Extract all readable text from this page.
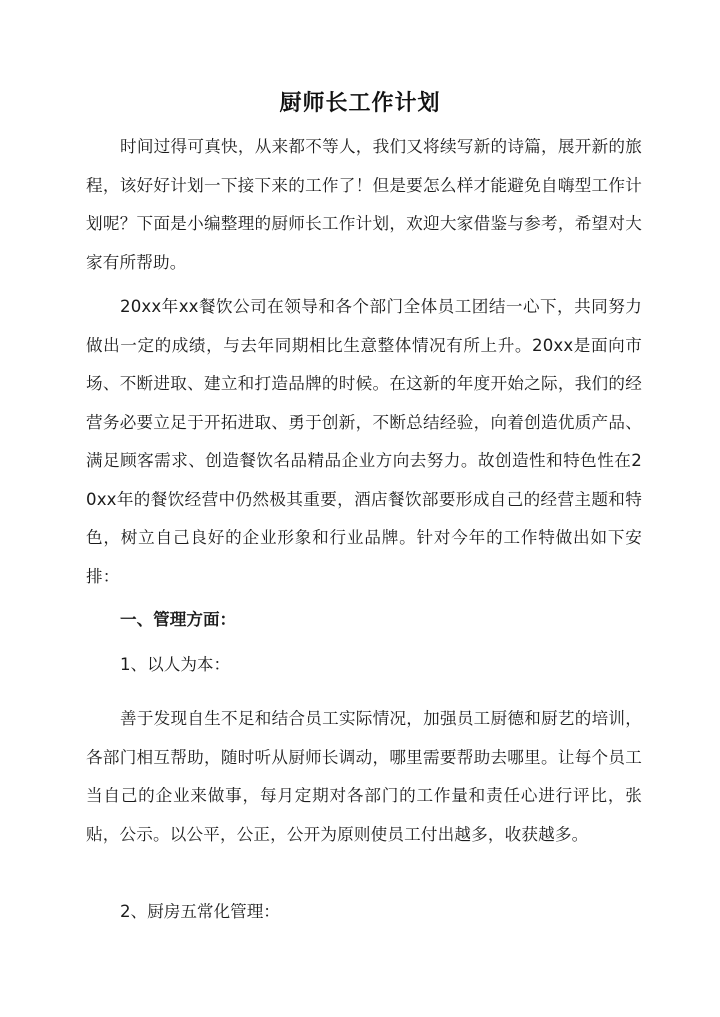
厨师长工作计划
时间过得可真快，从来都不等人，我们又将续写新的诗篇，展开新的旅程，该好好计划一下接下来的工作了！但是要怎么样才能避免自嗨型工作计划呢？下面是小编整理的厨师长工作计划，欢迎大家借鉴与参考，希望对大家有所帮助。
20xx年xx餐饮公司在领导和各个部门全体员工团结一心下，共同努力做出一定的成绩，与去年同期相比生意整体情况有所上升。20xx是面向市场、不断进取、建立和打造品牌的时候。在这新的年度开始之际，我们的经营务必要立足于开拓进取、勇于创新，不断总结经验，向着创造优质产品、满足顾客需求、创造餐饮名品精品企业方向去努力。故创造性和特色性在20xx年的餐饮经营中仍然极其重要，酒店餐饮部要形成自己的经营主题和特色，树立自己良好的企业形象和行业品牌。针对今年的工作特做出如下安排：
一、管理方面：
1、以人为本：
善于发现自生不足和结合员工实际情况，加强员工厨德和厨艺的培训，各部门相互帮助，随时听从厨师长调动，哪里需要帮助去哪里。让每个员工当自己的企业来做事，每月定期对各部门的工作量和责任心进行评比，张贴，公示。以公平，公正，公开为原则使员工付出越多，收获越多。
2、厨房五常化管理：
